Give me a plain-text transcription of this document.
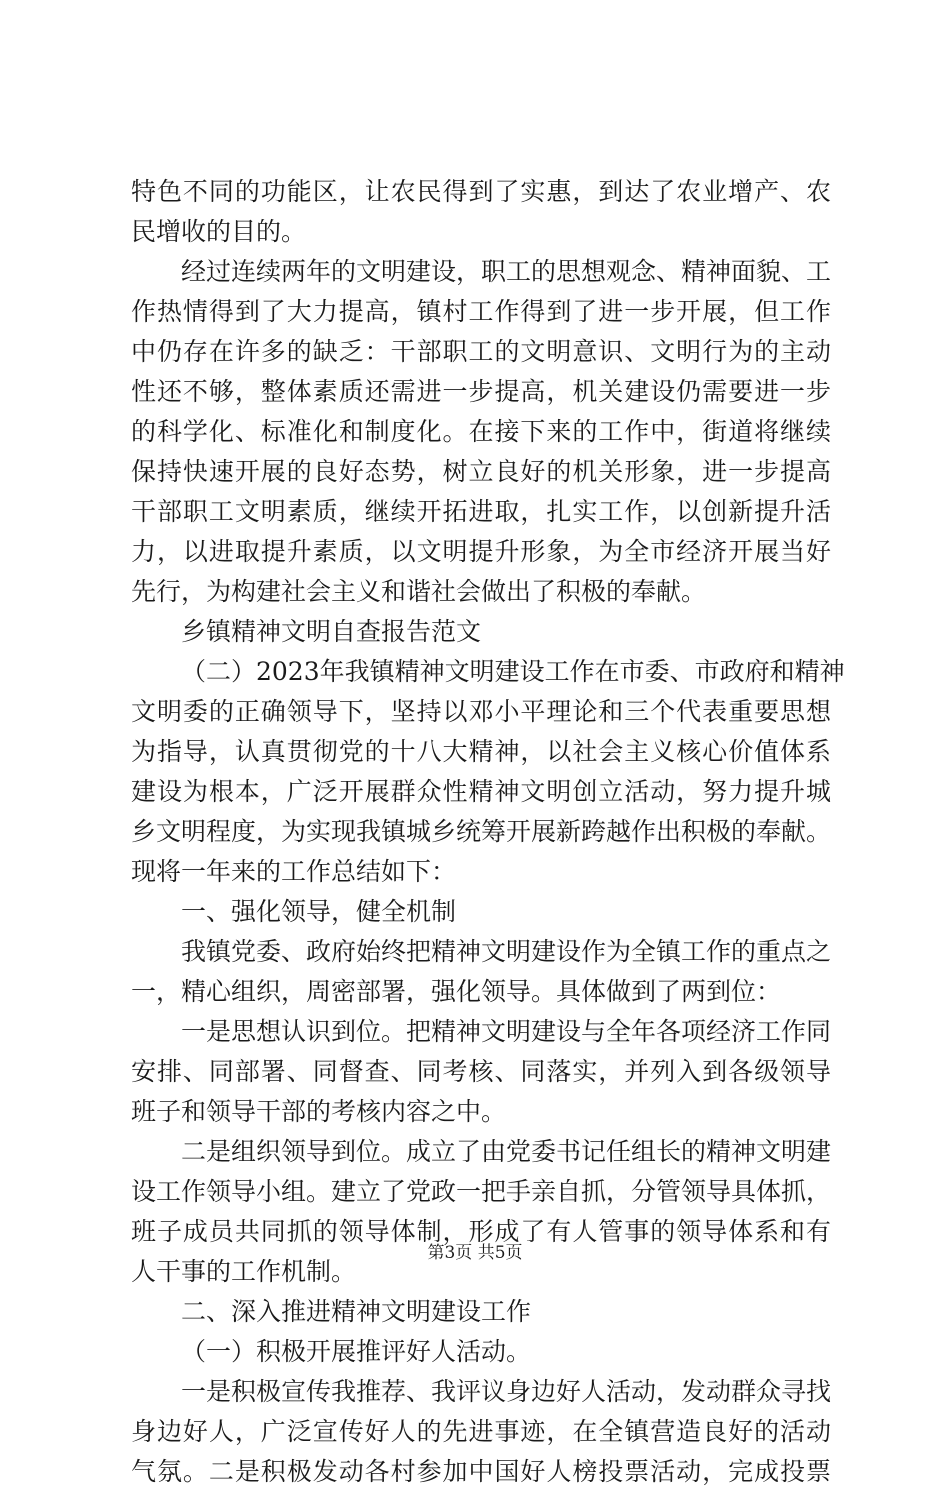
特色不同的功能区，让农民得到了实惠，到达了农业增产、农
民增收的目的。
经过连续两年的文明建设，职工的思想观念、精神面貌、工
作热情得到了大力提高，镇村工作得到了进一步开展，但工作
中仍存在许多的缺乏：干部职工的文明意识、文明行为的主动
性还不够，整体素质还需进一步提高，机关建设仍需要进一步
的科学化、标准化和制度化。在接下来的工作中，街道将继续
保持快速开展的良好态势，树立良好的机关形象，进一步提高
干部职工文明素质，继续开拓进取，扎实工作，以创新提升活
力，以进取提升素质，以文明提升形象，为全市经济开展当好
先行，为构建社会主义和谐社会做出了积极的奉献。
乡镇精神文明自查报告范文
（二）2023年我镇精神文明建设工作在市委、市政府和精神
文明委的正确领导下，坚持以邓小平理论和三个代表重要思想
为指导，认真贯彻党的十八大精神，以社会主义核心价值体系
建设为根本，广泛开展群众性精神文明创立活动，努力提升城
乡文明程度，为实现我镇城乡统筹开展新跨越作出积极的奉献。
现将一年来的工作总结如下：
一、强化领导，健全机制
我镇党委、政府始终把精神文明建设作为全镇工作的重点之
一，精心组织，周密部署，强化领导。具体做到了两到位：
一是思想认识到位。把精神文明建设与全年各项经济工作同
安排、同部署、同督查、同考核、同落实，并列入到各级领导
班子和领导干部的考核内容之中。
二是组织领导到位。成立了由党委书记任组长的精神文明建
设工作领导小组。建立了党政一把手亲自抓，分管领导具体抓，
班子成员共同抓的领导体制，形成了有人管事的领导体系和有
人干事的工作机制。
二、深入推进精神文明建设工作
（一）积极开展推评好人活动。
一是积极宣传我推荐、我评议身边好人活动，发动群众寻找
身边好人，广泛宣传好人的先进事迹，在全镇营造良好的活动
气氛。二是积极发动各村参加中国好人榜投票活动，完成投票
第3页 共5页
